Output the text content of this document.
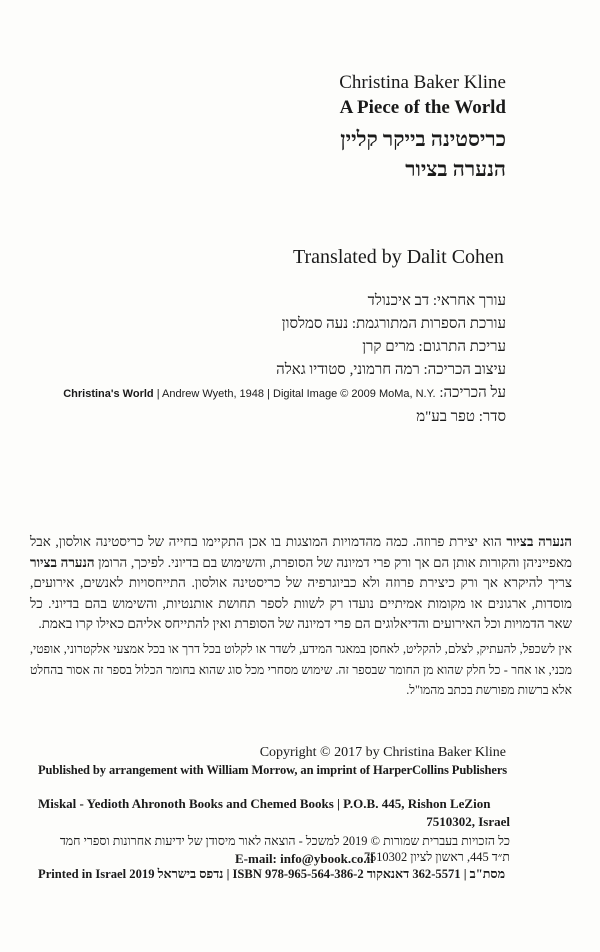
Christina Baker Kline
A Piece of the World
כריסטינה בייקר קליין
הנערה בציור
Translated by Dalit Cohen
עורך אחראי: דב איכנולד
עורכת הספרות המתורגמת: נעה סמלסון
עריכת התרגום: מרים קרן
עיצוב הכריכה: רמה חרמוני, סטודיו גאלה
על הכריכה: Christina's World | Andrew Wyeth, 1948 | Digital Image © 2009 MoMa, N.Y.
סדר: טפר בע"מ
הנערה בציור הוא יצירת פרוזה. כמה מהדמויות המוצגות בו אכן התקיימו בחייה של כריסטינה אולסון, אבל מאפייניהן והקורות אותן הם אך ורק פרי דמיונה של הסופרת, והשימוש בם בדיוני. לפיכך, הרומן הנערה בציור צריך להיקרא אך ורק כיצירת פרוזה ולא כביוגרפיה של כריסטינה אולסון. התייחסויות לאנשים, אירועים, מוסדות, ארגונים או מקומות אמיתיים נועדו רק לשוות לספר תחושת אותנטיות, והשימוש בהם בדיוני. כל שאר הדמויות וכל האירועים והדיאלוגים הם פרי דמיונה של הסופרת ואין להתייחס אליהם כאילו קרו באמת.
אין לשכפל, להעתיק, לצלם, להקליט, לאחסן במאגר המידע, לשדר או לקלוט בכל דרך או בכל אמצעי אלקטרוני, אופטי, מכני, או אחר - כל חלק שהוא מן החומר שבספר זה. שימוש מסחרי מכל סוג שהוא בחומר הכלול בספר זה אסור בהחלט אלא ברשות מפורשת בכתב מהמו"ל.
Copyright © 2017 by Christina Baker Kline
Published by arrangement with William Morrow, an imprint of HarperCollins Publishers
Miskal - Yedioth Ahronoth Books and Chemed Books | P.O.B. 445, Rishon LeZion
7510302, Israel
כל הזכויות בעברית שמורות © 2019 למשכל - הוצאה לאור מיסודן של ידיעות אחרונות וספרי חמד
ת״ד 445, ראשון לציון 7510302
E-mail: info@ybook.co.il
Printed in Israel 2019 נדפס בישראל | ISBN 978-965-564-386-2 מסת"ב | 362-5571 דאנאקוד
